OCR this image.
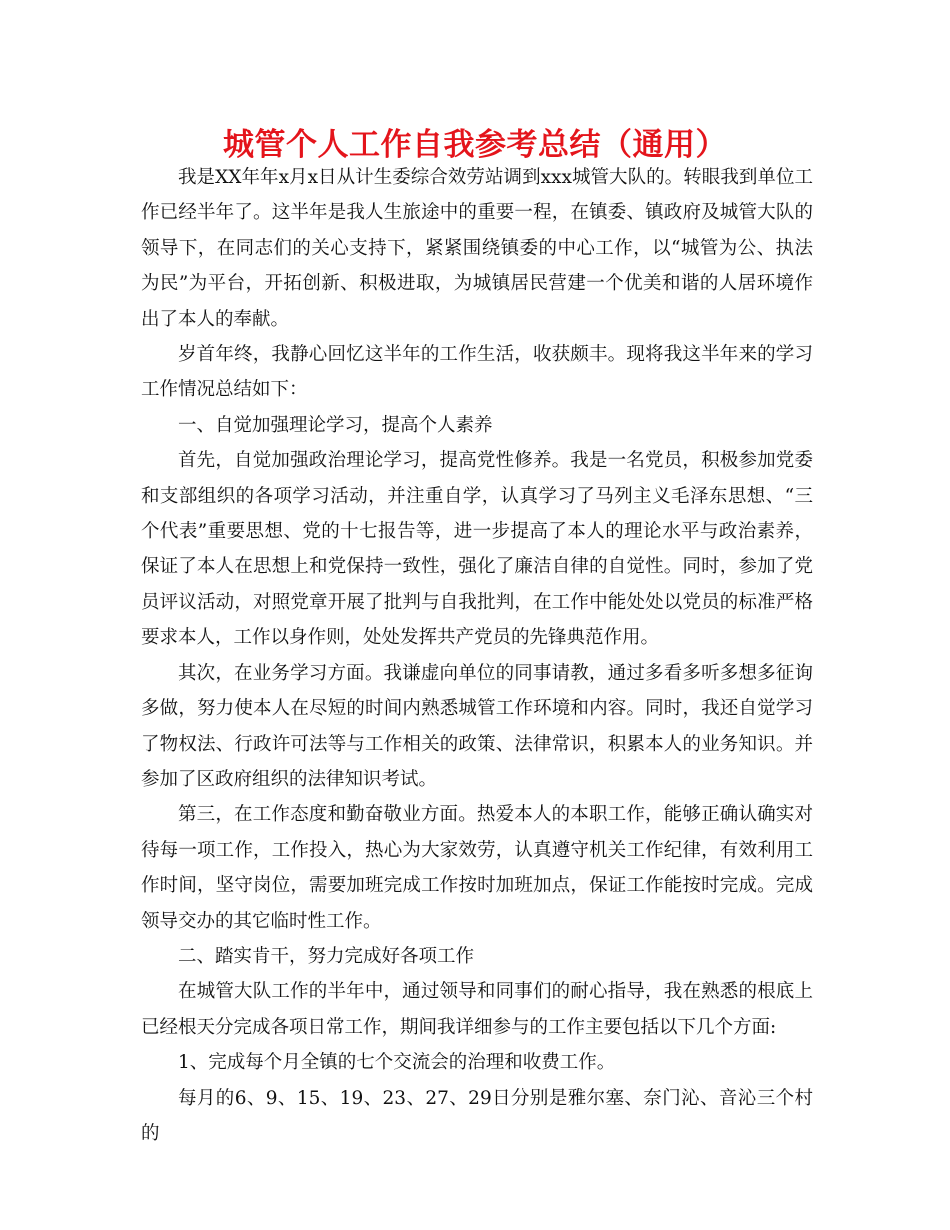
城管个人工作自我参考总结（通用）

我是XX年年x月x日从计生委综合效劳站调到xxx城管大队的。转眼我到单位工作已经半年了。这半年是我人生旅途中的重要一程，在镇委、镇政府及城管大队的领导下，在同志们的关心支持下，紧紧围绕镇委的中心工作，以“城管为公、执法为民”为平台，开拓创新、积极进取，为城镇居民营建一个优美和谐的人居环境作出了本人的奉献。

岁首年终，我静心回忆这半年的工作生活，收获颇丰。现将我这半年来的学习工作情况总结如下：

一、自觉加强理论学习，提高个人素养

首先，自觉加强政治理论学习，提高党性修养。我是一名党员，积极参加党委和支部组织的各项学习活动，并注重自学，认真学习了马列主义毛泽东思想、“三个代表”重要思想、党的十七报告等，进一步提高了本人的理论水平与政治素养，保证了本人在思想上和党保持一致性，强化了廉洁自律的自觉性。同时，参加了党员评议活动，对照党章开展了批判与自我批判，在工作中能处处以党员的标准严格要求本人，工作以身作则，处处发挥共产党员的先锋典范作用。

其次，在业务学习方面。我谦虚向单位的同事请教，通过多看多听多想多征询多做，努力使本人在尽短的时间内熟悉城管工作环境和内容。同时，我还自觉学习了物权法、行政许可法等与工作相关的政策、法律常识，积累本人的业务知识。并参加了区政府组织的法律知识考试。

第三，在工作态度和勤奋敬业方面。热爱本人的本职工作，能够正确认确实对待每一项工作，工作投入，热心为大家效劳，认真遵守机关工作纪律，有效利用工作时间，坚守岗位，需要加班完成工作按时加班加点，保证工作能按时完成。完成领导交办的其它临时性工作。

二、踏实肯干，努力完成好各项工作

在城管大队工作的半年中，通过领导和同事们的耐心指导，我在熟悉的根底上已经根天分完成各项日常工作，期间我详细参与的工作主要包括以下几个方面:

1、完成每个月全镇的七个交流会的治理和收费工作。

每月的6、9、15、19、23、27、29日分别是雅尔塞、奈门沁、音沁三个村的
